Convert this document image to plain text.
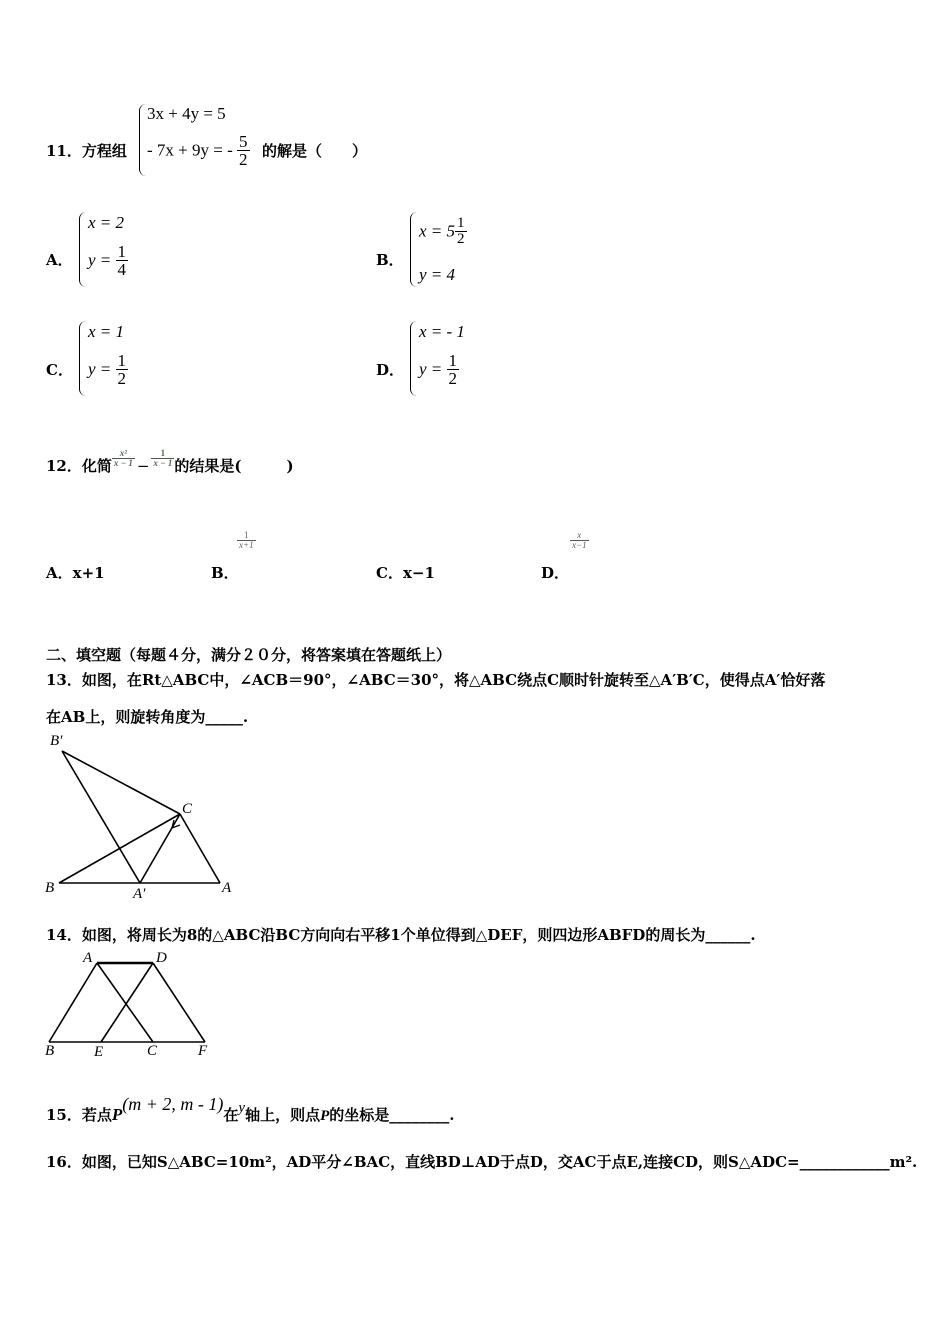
11．方程组
3x + 4y = 5
- 7x + 9y = - $\frac{5}{2}$ 的解是（　　）
A．
x = 2
$y = \frac{1}{4}$	B．
$x = 5 \frac{1}{2}$
y = 4
C．
x = 1
$y = \frac{1}{2}$	D．
x = - 1
$y = \frac{1}{2}$
12．化简 $\frac{\text{x²}}{x - 1} - \frac{1}{x - 1}$ 的结果是(　　　)
A．x+1	B．
$\frac{1}{x+1}$
C．x−1	D．
$\frac{x}{x-1}$
二、填空题（每题４分，满分２０分，将答案填在答题纸上）
13．如图，在Rt△ABC中，∠ACB＝90°，∠ABC＝30°，将△ABC绕点C顺时针旋转至△A′B′C，使得点A′恰好落
在AB上，则旋转角度为_____.
B′
C
B	A′	A
14．如图，将周长为8的△ABC沿BC方向向右平移1个单位得到△DEF，则四边形ABFD的周长为______.
A	D
B	E	C	F
15．若点P(m + 2, m - 1)在y轴上，则点P的坐标是________.
16．如图，已知S△ABC=10m²，AD平分∠BAC，直线BD⊥AD于点D，交AC于点E,连接CD，则S△ADC=____________m².
